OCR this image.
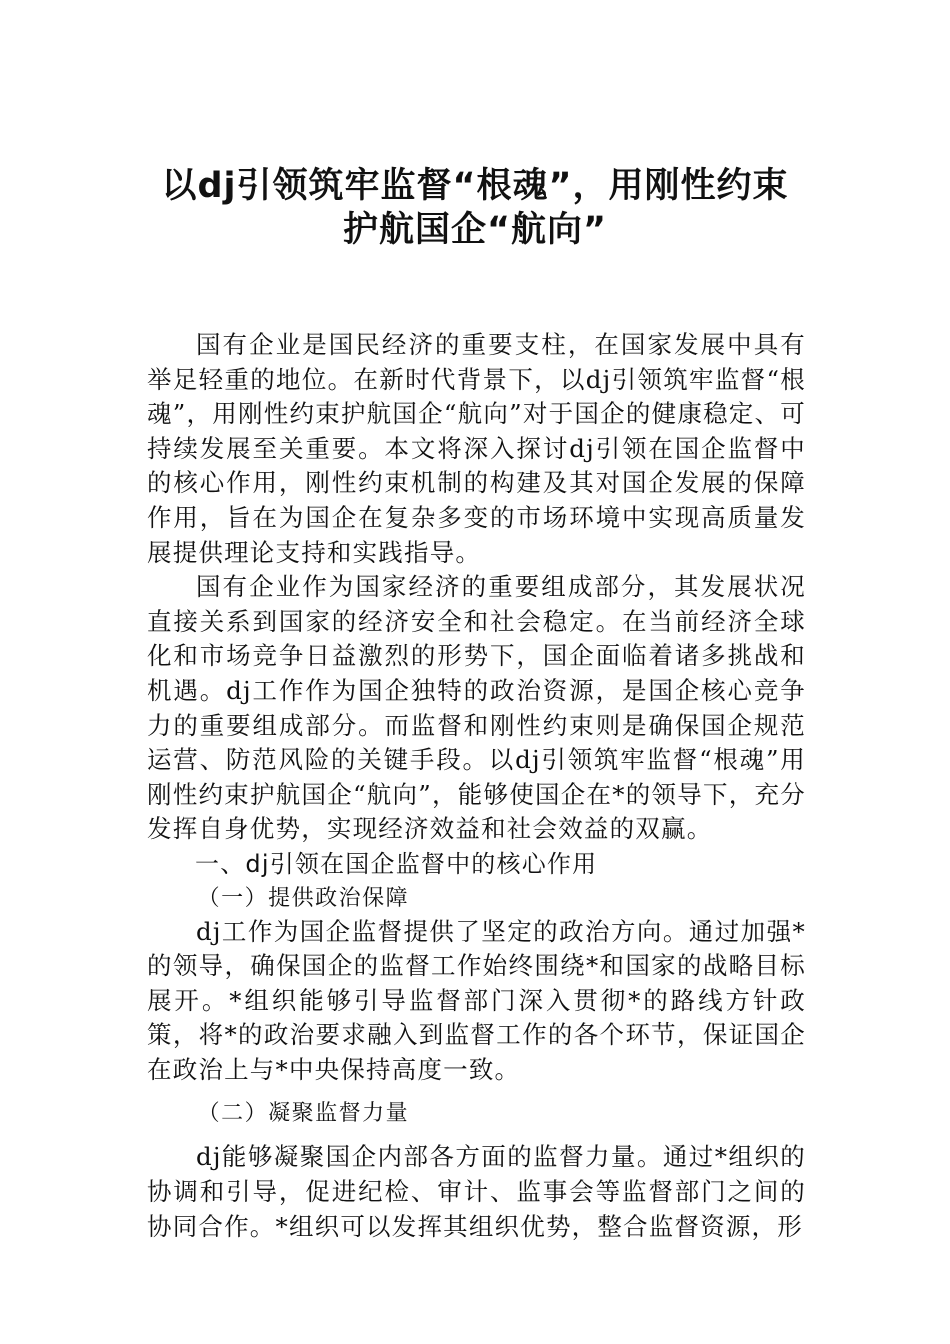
以dj引领筑牢监督“根魂”，用刚性约束
护航国企“航向”

国有企业是国民经济的重要支柱，在国家发展中具有举足轻重的地位。在新时代背景下，以dj引领筑牢监督“根魂”，用刚性约束护航国企“航向”对于国企的健康稳定、可持续发展至关重要。本文将深入探讨dj引领在国企监督中的核心作用，刚性约束机制的构建及其对国企发展的保障作用，旨在为国企在复杂多变的市场环境中实现高质量发展提供理论支持和实践指导。

国有企业作为国家经济的重要组成部分，其发展状况直接关系到国家的经济安全和社会稳定。在当前经济全球化和市场竞争日益激烈的形势下，国企面临着诸多挑战和机遇。dj工作作为国企独特的政治资源，是国企核心竞争力的重要组成部分。而监督和刚性约束则是确保国企规范运营、防范风险的关键手段。以dj引领筑牢监督“根魂”用刚性约束护航国企“航向”，能够使国企在*的领导下，充分发挥自身优势，实现经济效益和社会效益的双赢。

一、dj引领在国企监督中的核心作用
（一）提供政治保障

dj工作为国企监督提供了坚定的政治方向。通过加强*的领导，确保国企的监督工作始终围绕*和国家的战略目标展开。*组织能够引导监督部门深入贯彻*的路线方针政策，将*的政治要求融入到监督工作的各个环节，保证国企在政治上与*中央保持高度一致。

（二）凝聚监督力量

dj能够凝聚国企内部各方面的监督力量。通过*组织的协调和引导，促进纪检、审计、监事会等监督部门之间的协同合作。*组织可以发挥其组织优势，整合监督资源，形
